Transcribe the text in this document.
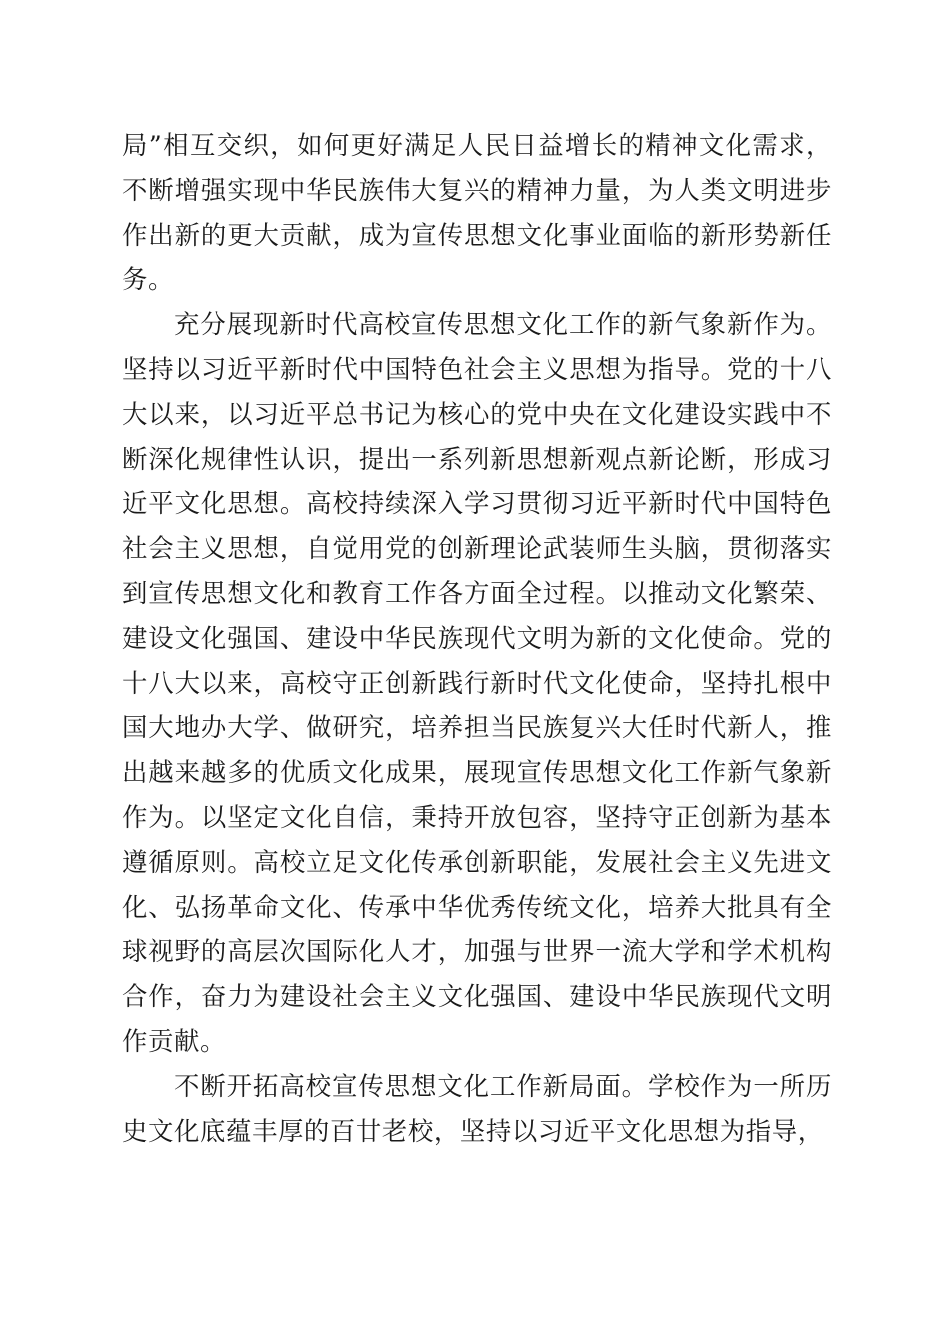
局”相互交织，如何更好满足人民日益增长的精神文化需求，不断增强实现中华民族伟大复兴的精神力量，为人类文明进步作出新的更大贡献，成为宣传思想文化事业面临的新形势新任务。

充分展现新时代高校宣传思想文化工作的新气象新作为。坚持以习近平新时代中国特色社会主义思想为指导。党的十八大以来，以习近平总书记为核心的党中央在文化建设实践中不断深化规律性认识，提出一系列新思想新观点新论断，形成习近平文化思想。高校持续深入学习贯彻习近平新时代中国特色社会主义思想，自觉用党的创新理论武装师生头脑，贯彻落实到宣传思想文化和教育工作各方面全过程。以推动文化繁荣、建设文化强国、建设中华民族现代文明为新的文化使命。党的十八大以来，高校守正创新践行新时代文化使命，坚持扎根中国大地办大学、做研究，培养担当民族复兴大任时代新人，推出越来越多的优质文化成果，展现宣传思想文化工作新气象新作为。以坚定文化自信，秉持开放包容，坚持守正创新为基本遵循原则。高校立足文化传承创新职能，发展社会主义先进文化、弘扬革命文化、传承中华优秀传统文化，培养大批具有全球视野的高层次国际化人才，加强与世界一流大学和学术机构合作，奋力为建设社会主义文化强国、建设中华民族现代文明作贡献。

不断开拓高校宣传思想文化工作新局面。学校作为一所历史文化底蕴丰厚的百廿老校，坚持以习近平文化思想为指导，
